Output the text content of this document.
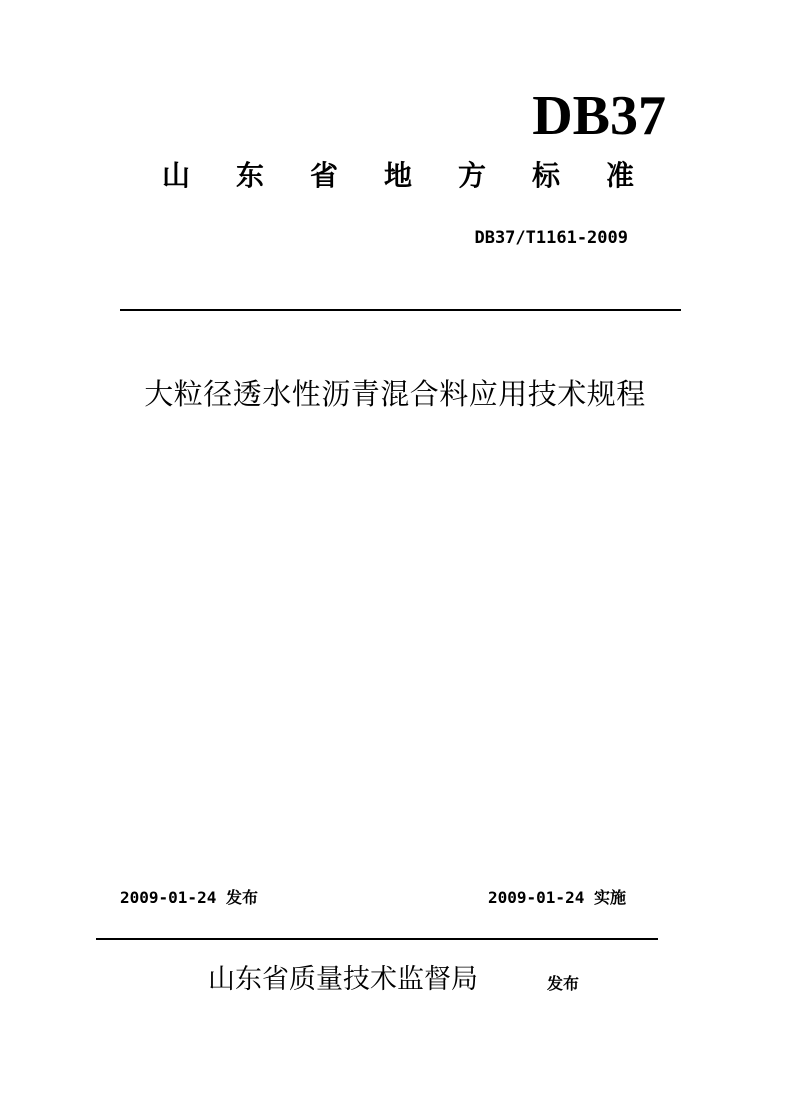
DB37
山 东 省 地 方 标 准
DB37/T1161-2009
大粒径透水性沥青混合料应用技术规程
2009-01-24 发布	2009-01-24 实施
山东省质量技术监督局	发布
